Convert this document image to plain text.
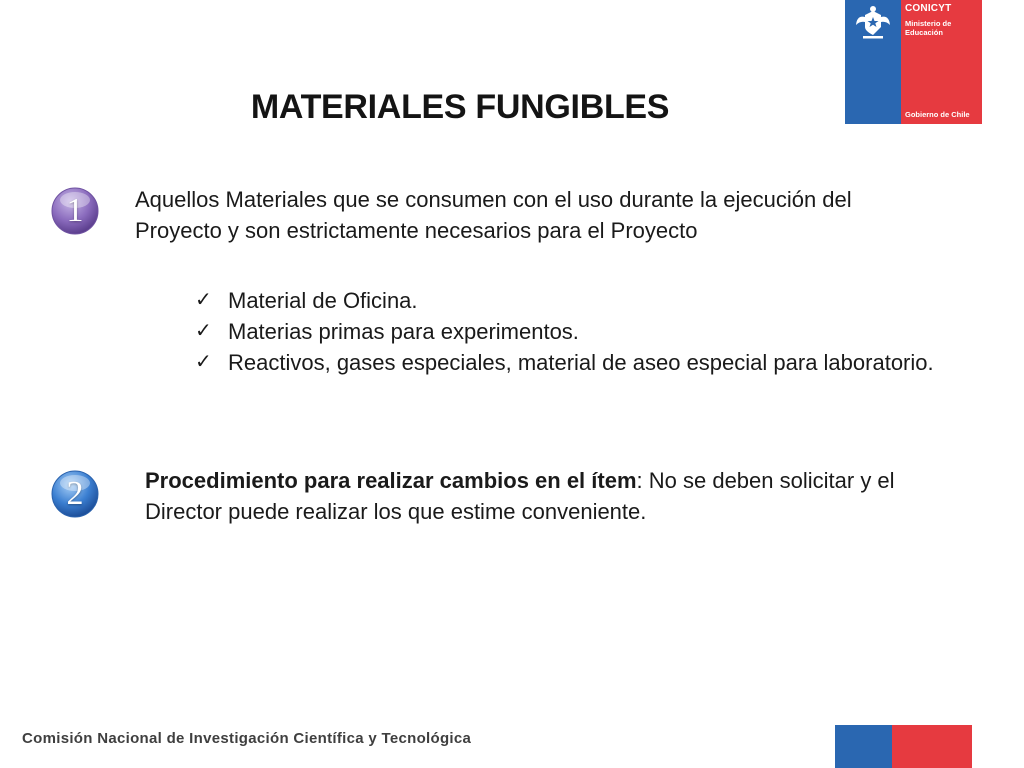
CONICYT
Ministerio de Educación
Gobierno de Chile
MATERIALES FUNGIBLES
1	Aquellos Materiales que se consumen con el uso durante la ejecución del Proyecto y son estrictamente necesarios para el Proyecto
✓ Material de Oficina.
✓ Materias primas para experimentos.
✓ Reactivos, gases especiales, material de aseo especial para laboratorio.
2	Procedimiento para realizar cambios en el ítem: No se deben solicitar y el Director puede realizar los que estime conveniente.
Comisión Nacional de Investigación Científica y Tecnológica
